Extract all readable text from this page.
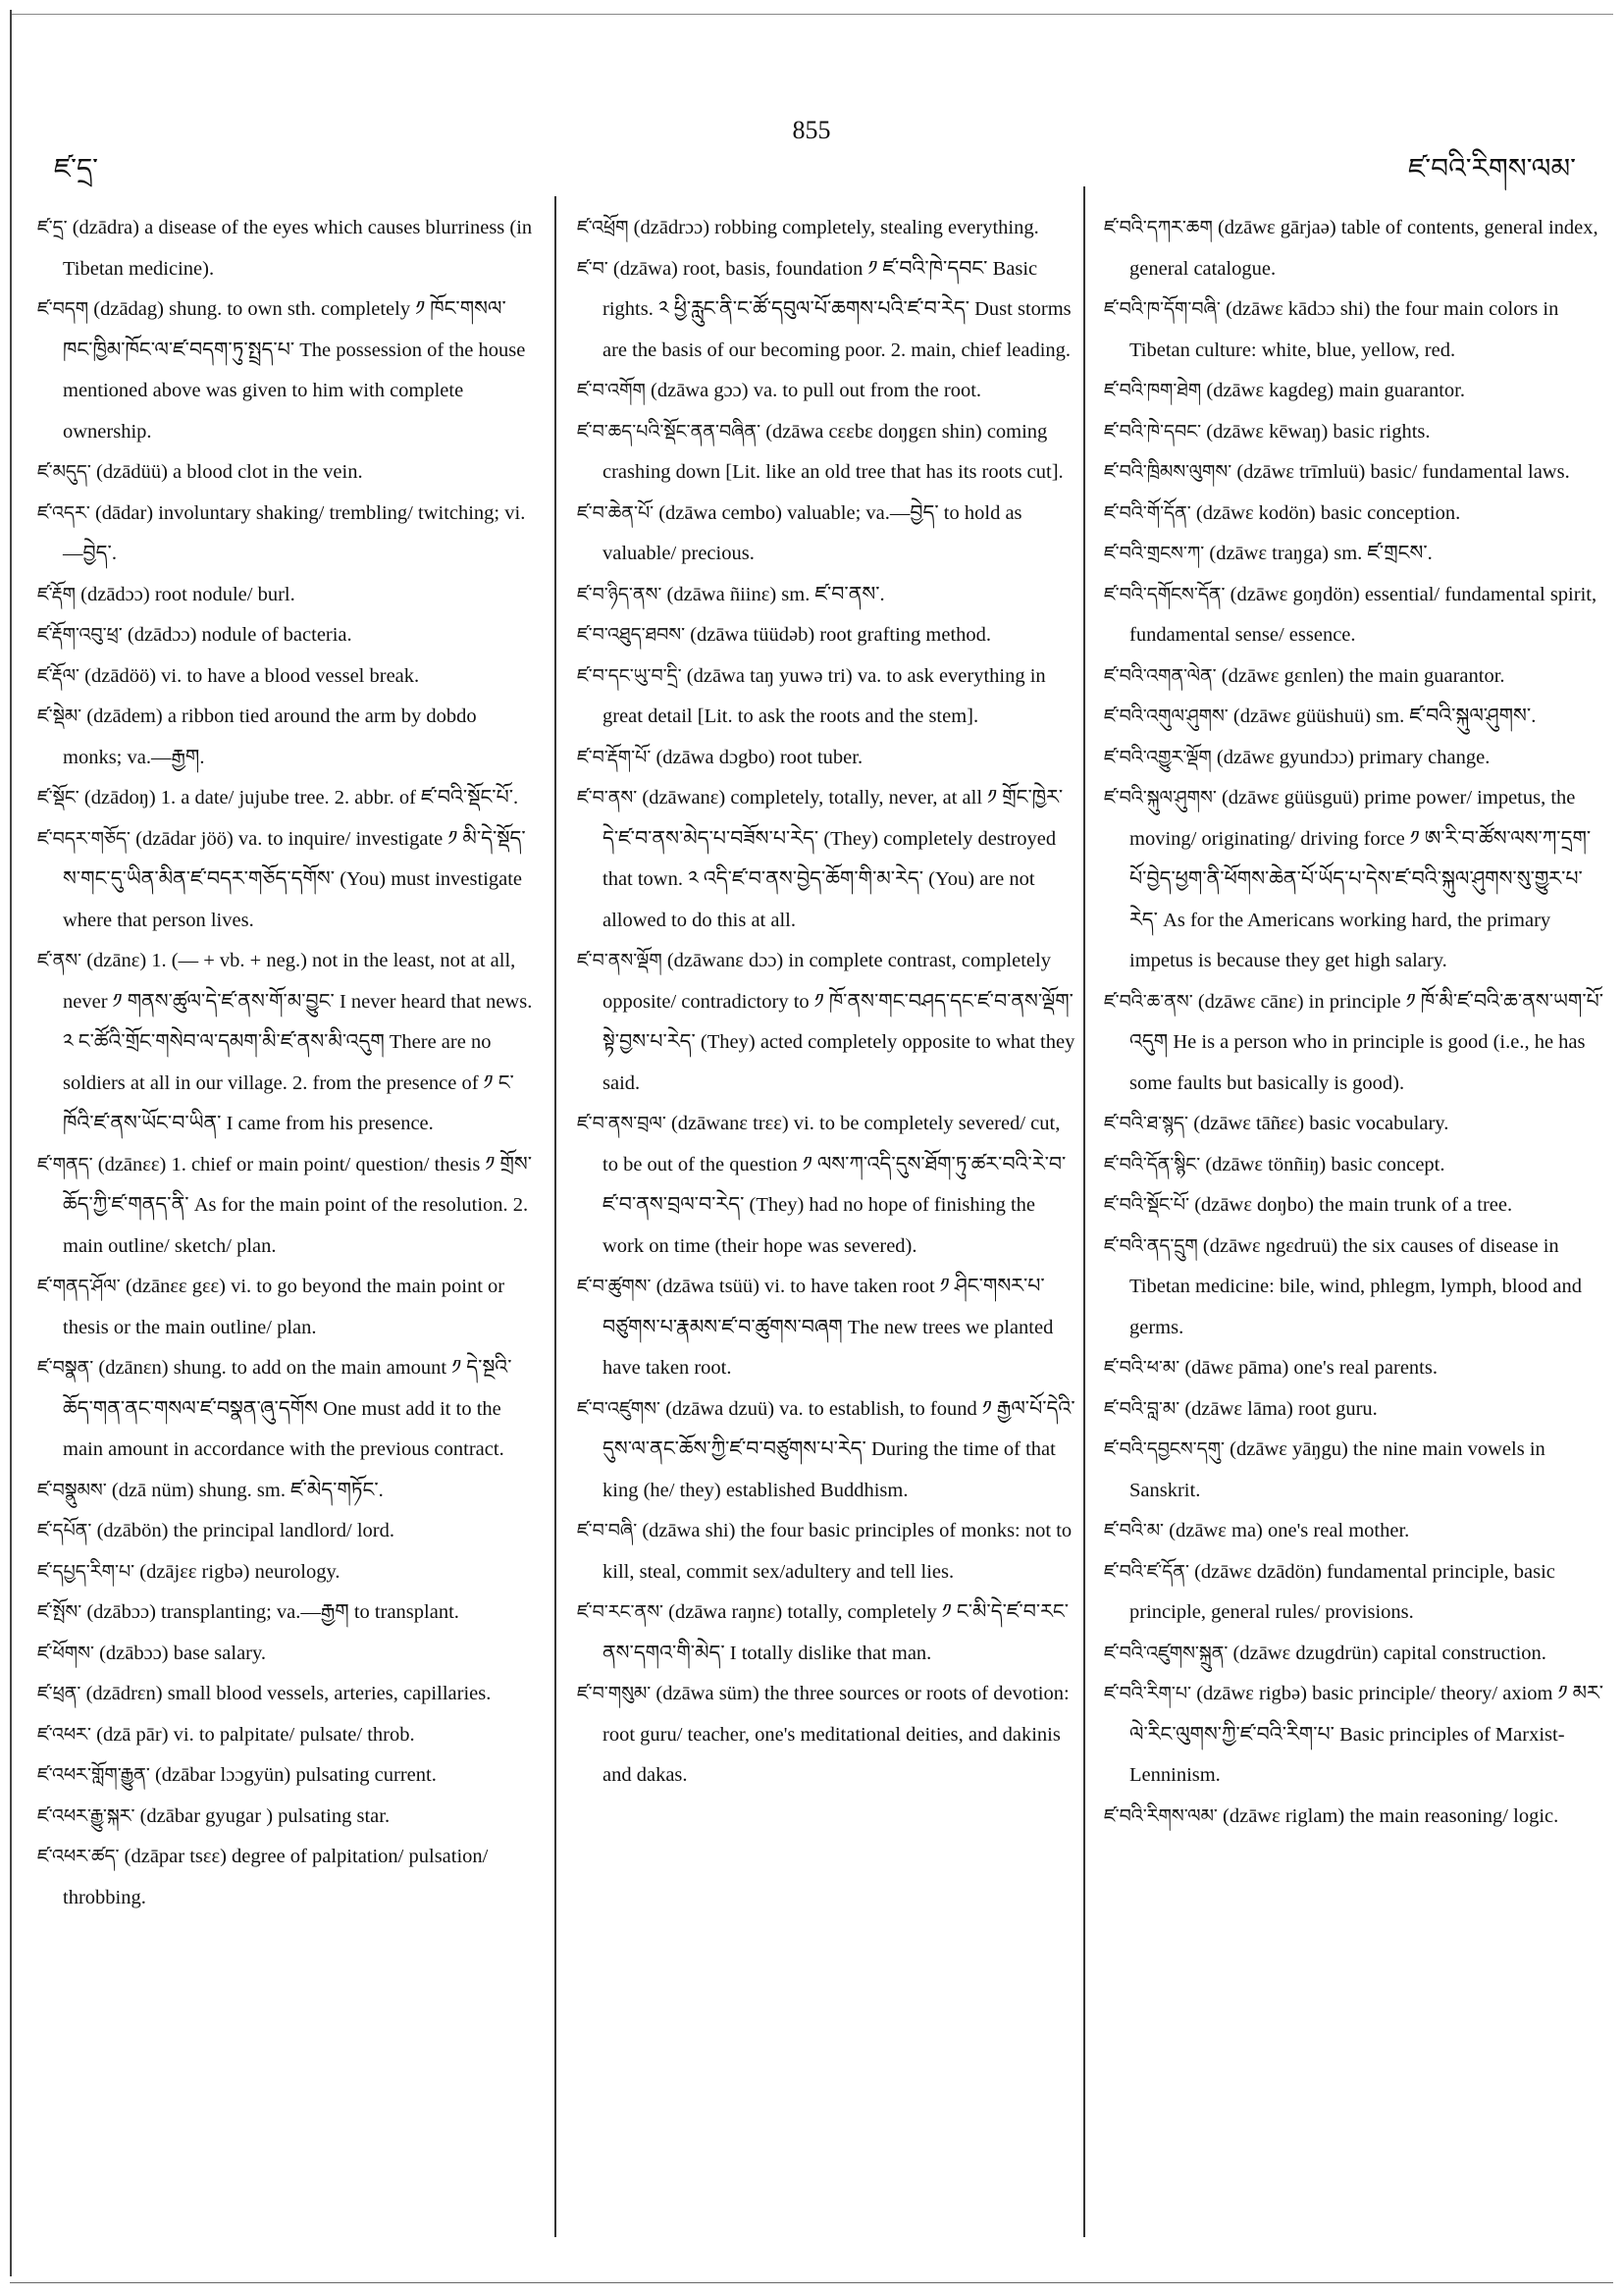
ཛ་དྲ་
855
ཛ་བའི་རིགས་ལམ་

ཛ་དྲ་ (dzādra) a disease of the eyes which causes blurriness (in Tibetan medicine).

ཛ་བདག (dzādag) shung. to own sth. completely ༡ ཁོང་གསལ་ཁང་ཁྱིམ་ཁོང་ལ་ཛ་བདག་ཏུ་སྤྲད་པ་ The possession of the house mentioned above was given to him with complete ownership.

ཛ་མདུད་ (dzādüü) a blood clot in the vein.

ཛ་འདར་ (dādar) involuntary shaking/ trembling/ twitching; vi.—བྱེད་.

ཛ་རྡོག (dzādɔɔ) root nodule/ burl.

ཛ་རྡོག་འབུ་ཕྲ་ (dzādɔɔ) nodule of bacteria.

ཛ་རྡོལ་ (dzādöö) vi. to have a blood vessel break.

ཛ་སྡེམ་ (dzādem) a ribbon tied around the arm by dobdo monks; va.—རྒྱག.

ཛ་སྡོང་ (dzādoŋ) 1. a date/ jujube tree. 2. abbr. of ཛ་བའི་སྡོང་པོ་.

ཛ་བདར་གཅོད་ (dzādar jöö) va. to inquire/ investigate ༡ མི་དེ་སྡོད་ས་གང་དུ་ཡིན་མིན་ཛ་བདར་གཅོད་དགོས་ (You) must investigate where that person lives.

ཛ་ནས་ (dzānɛ) 1. (— + vb. + neg.) not in the least, not at all, never ༡ གནས་ཚུལ་དེ་ཛ་ནས་གོ་མ་བྱུང་ I never heard that news. ༢ ང་ཚོའི་གྲོང་གསེབ་ལ་དམག་མི་ཛ་ནས་མི་འདུག There are no soldiers at all in our village. 2. from the presence of ༡ ང་ཁོའི་ཛ་ནས་ཡོང་བ་ཡིན་ I came from his presence.

ཛ་གནད་ (dzānɛɛ) 1. chief or main point/ question/ thesis ༡ གྲོས་ཆོད་ཀྱི་ཛ་གནད་ནི་ As for the main point of the resolution. 2. main outline/ sketch/ plan.

ཛ་གནད་ཤོལ་ (dzānɛɛ gɛɛ) vi. to go beyond the main point or thesis or the main outline/ plan.

ཛ་བསྣན་ (dzānɛn) shung. to add on the main amount ༡ དེ་སྔའི་ཆོད་གན་ནང་གསལ་ཛ་བསྣན་ཞུ་དགོས One must add it to the main amount in accordance with the previous contract.

ཛ་བསྣུམས་ (dzā nüm) shung. sm. ཛ་མེད་གཏོང་.

ཛ་དཔོན་ (dzābön) the principal landlord/ lord.

ཛ་དཔྱད་རིག་པ་ (dzājɛɛ rigbə) neurology.

ཛ་སྤོས་ (dzābɔɔ) transplanting; va.—རྒྱག to transplant.

ཛ་ཕོགས་ (dzābɔɔ) base salary.

ཛ་ཕྲན་ (dzādrɛn) small blood vessels, arteries, capillaries.

ཛ་འཕར་ (dzā pār) vi. to palpitate/ pulsate/ throb.

ཛ་འཕར་གློག་རྒྱུན་ (dzābar lɔɔgyün) pulsating current.

ཛ་འཕར་རྒྱུ་སྐར་ (dzābar gyugar ) pulsating star.

ཛ་འཕར་ཚད་ (dzāpar tsɛɛ) degree of palpitation/ pulsation/ throbbing.

ཛ་འཕྲོག (dzādrɔɔ) robbing completely, stealing everything.

ཛ་བ་ (dzāwa) root, basis, foundation ༡ ཛ་བའི་ཁེ་དབང་ Basic rights. ༢ ཕྱི་རླུང་ནི་ང་ཚོ་དབུལ་པོ་ཆགས་པའི་ཛ་བ་རེད་ Dust storms are the basis of our becoming poor. 2. main, chief leading.

ཛ་བ་འགོག (dzāwa gɔɔ) va. to pull out from the root.

ཛ་བ་ཆད་པའི་སྡོང་ནན་བཞིན་ (dzāwa cɛɛbɛ doŋgɛn shin) coming crashing down [Lit. like an old tree that has its roots cut].

ཛ་བ་ཆེན་པོ་ (dzāwa cembo) valuable; va.—བྱེད་ to hold as valuable/ precious.

ཛ་བ་ཉིད་ནས་ (dzāwa ñiinɛ) sm. ཛ་བ་ནས་.

ཛ་བ་འཐུད་ཐབས་ (dzāwa tüüdəb) root grafting method.

ཛ་བ་དང་ཡུ་བ་དྲི་ (dzāwa taŋ yuwə tri) va. to ask everything in great detail [Lit. to ask the roots and the stem].

ཛ་བ་རྡོག་པོ་ (dzāwa dɔgbo) root tuber.

ཛ་བ་ནས་ (dzāwanɛ) completely, totally, never, at all ༡ གྲོང་ཁྱེར་དེ་ཛ་བ་ནས་མེད་པ་བཟོས་པ་རེད་ (They) completely destroyed that town. ༢ འདི་ཛ་བ་ནས་བྱེད་ཆོག་གི་མ་རེད་ (You) are not allowed to do this at all.

ཛ་བ་ནས་ལྡོག (dzāwanɛ dɔɔ) in complete contrast, completely opposite/ contradictory to ༡ ཁོ་ནས་གང་བཤད་དང་ཛ་བ་ནས་ལྡོག་སྟེ་བྱས་པ་རེད་ (They) acted completely opposite to what they said.

ཛ་བ་ནས་བྲལ་ (dzāwanɛ trɛɛ) vi. to be completely severed/ cut, to be out of the question ༡ ལས་ཀ་འདི་དུས་ཐོག་ཏུ་ཚར་བའི་རེ་བ་ཛ་བ་ནས་བྲལ་བ་རེད་ (They) had no hope of finishing the work on time (their hope was severed).

ཛ་བ་ཚུགས་ (dzāwa tsüü) vi. to have taken root ༡ ཤིང་གསར་པ་བཙུགས་པ་རྣམས་ཛ་བ་ཚུགས་བཞག The new trees we planted have taken root.

ཛ་བ་འཛུགས་ (dzāwa dzuü) va. to establish, to found ༡ རྒྱལ་པོ་དེའི་དུས་ལ་ནང་ཆོས་ཀྱི་ཛ་བ་བཙུགས་པ་རེད་ During the time of that king (he/ they) established Buddhism.

ཛ་བ་བཞི་ (dzāwa shi) the four basic principles of monks: not to kill, steal, commit sex/adultery and tell lies.

ཛ་བ་རང་ནས་ (dzāwa raŋnɛ) totally, completely ༡ ང་མི་དེ་ཛ་བ་རང་ནས་དགའ་གི་མེད་ I totally dislike that man.

ཛ་བ་གསུམ་ (dzāwa süm) the three sources or roots of devotion: root guru/ teacher, one's meditational deities, and dakinis and dakas.

ཛ་བའི་དཀར་ཆག (dzāwɛ gārjaə) table of contents, general index, general catalogue.

ཛ་བའི་ཁ་དོག་བཞི་ (dzāwɛ kādɔɔ shi) the four main colors in Tibetan culture: white, blue, yellow, red.

ཛ་བའི་ཁག་ཐེག (dzāwɛ kagdeg) main guarantor.

ཛ་བའི་ཁེ་དབང་ (dzāwɛ kēwaŋ) basic rights.

ཛ་བའི་ཁྲིམས་ལུགས་ (dzāwɛ trīmluü) basic/ fundamental laws.

ཛ་བའི་གོ་དོན་ (dzāwɛ kodön) basic conception.

ཛ་བའི་གྲངས་ཀ་ (dzāwɛ traŋga) sm. ཛ་གྲངས་.

ཛ་བའི་དགོངས་དོན་ (dzāwɛ goŋdön) essential/ fundamental spirit, fundamental sense/ essence.

ཛ་བའི་འགན་ལེན་ (dzāwɛ gɛnlen) the main guarantor.

ཛ་བའི་འགུལ་ཤུགས་ (dzāwɛ güüshuü) sm. ཛ་བའི་སྐུལ་ཤུགས་.

ཛ་བའི་འགྱུར་ལྡོག (dzāwɛ gyundɔɔ) primary change.

ཛ་བའི་སྐུལ་ཤུགས་ (dzāwɛ güüsguü) prime power/ impetus, the moving/ originating/ driving force ༡ ཨ་རི་བ་ཚོས་ལས་ཀ་དྲག་པོ་བྱེད་ཕྱག་ནི་ཕོགས་ཆེན་པོ་ཡོད་པ་དེས་ཛ་བའི་སྐུལ་ཤུགས་སུ་གྱུར་པ་རེད་ As for the Americans working hard, the primary impetus is because they get high salary.

ཛ་བའི་ཆ་ནས་ (dzāwɛ cānɛ) in principle ༡ ཁོ་མི་ཛ་བའི་ཆ་ནས་ཡག་པོ་འདུག He is a person who in principle is good (i.e., he has some faults but basically is good).

ཛ་བའི་ཐ་སྙད་ (dzāwɛ tāñɛɛ) basic vocabulary.

ཛ་བའི་དོན་སྙིང་ (dzāwɛ tönñiŋ) basic concept.

ཛ་བའི་སྡོང་པོ་ (dzāwɛ doŋbo) the main trunk of a tree.

ཛ་བའི་ནད་དྲུག (dzāwɛ ngɛdruü) the six causes of disease in Tibetan medicine: bile, wind, phlegm, lymph, blood and germs.

ཛ་བའི་ཕ་མ་ (dāwɛ pāma) one's real parents.

ཛ་བའི་བླ་མ་ (dzāwɛ lāma) root guru.

ཛ་བའི་དབྱངས་དགུ་ (dzāwɛ yāŋgu) the nine main vowels in Sanskrit.

ཛ་བའི་མ་ (dzāwɛ ma) one's real mother.

ཛ་བའི་ཛ་དོན་ (dzāwɛ dzādön) fundamental principle, basic principle, general rules/ provisions.

ཛ་བའི་འཛུགས་སྐྲུན་ (dzāwɛ dzugdrün) capital construction.

ཛ་བའི་རིག་པ་ (dzāwɛ rigbə) basic principle/ theory/ axiom ༡ མར་ལེ་རིང་ལུགས་ཀྱི་ཛ་བའི་རིག་པ་ Basic principles of Marxist-Lenninism.

ཛ་བའི་རིགས་ལམ་ (dzāwɛ riglam) the main reasoning/ logic.
